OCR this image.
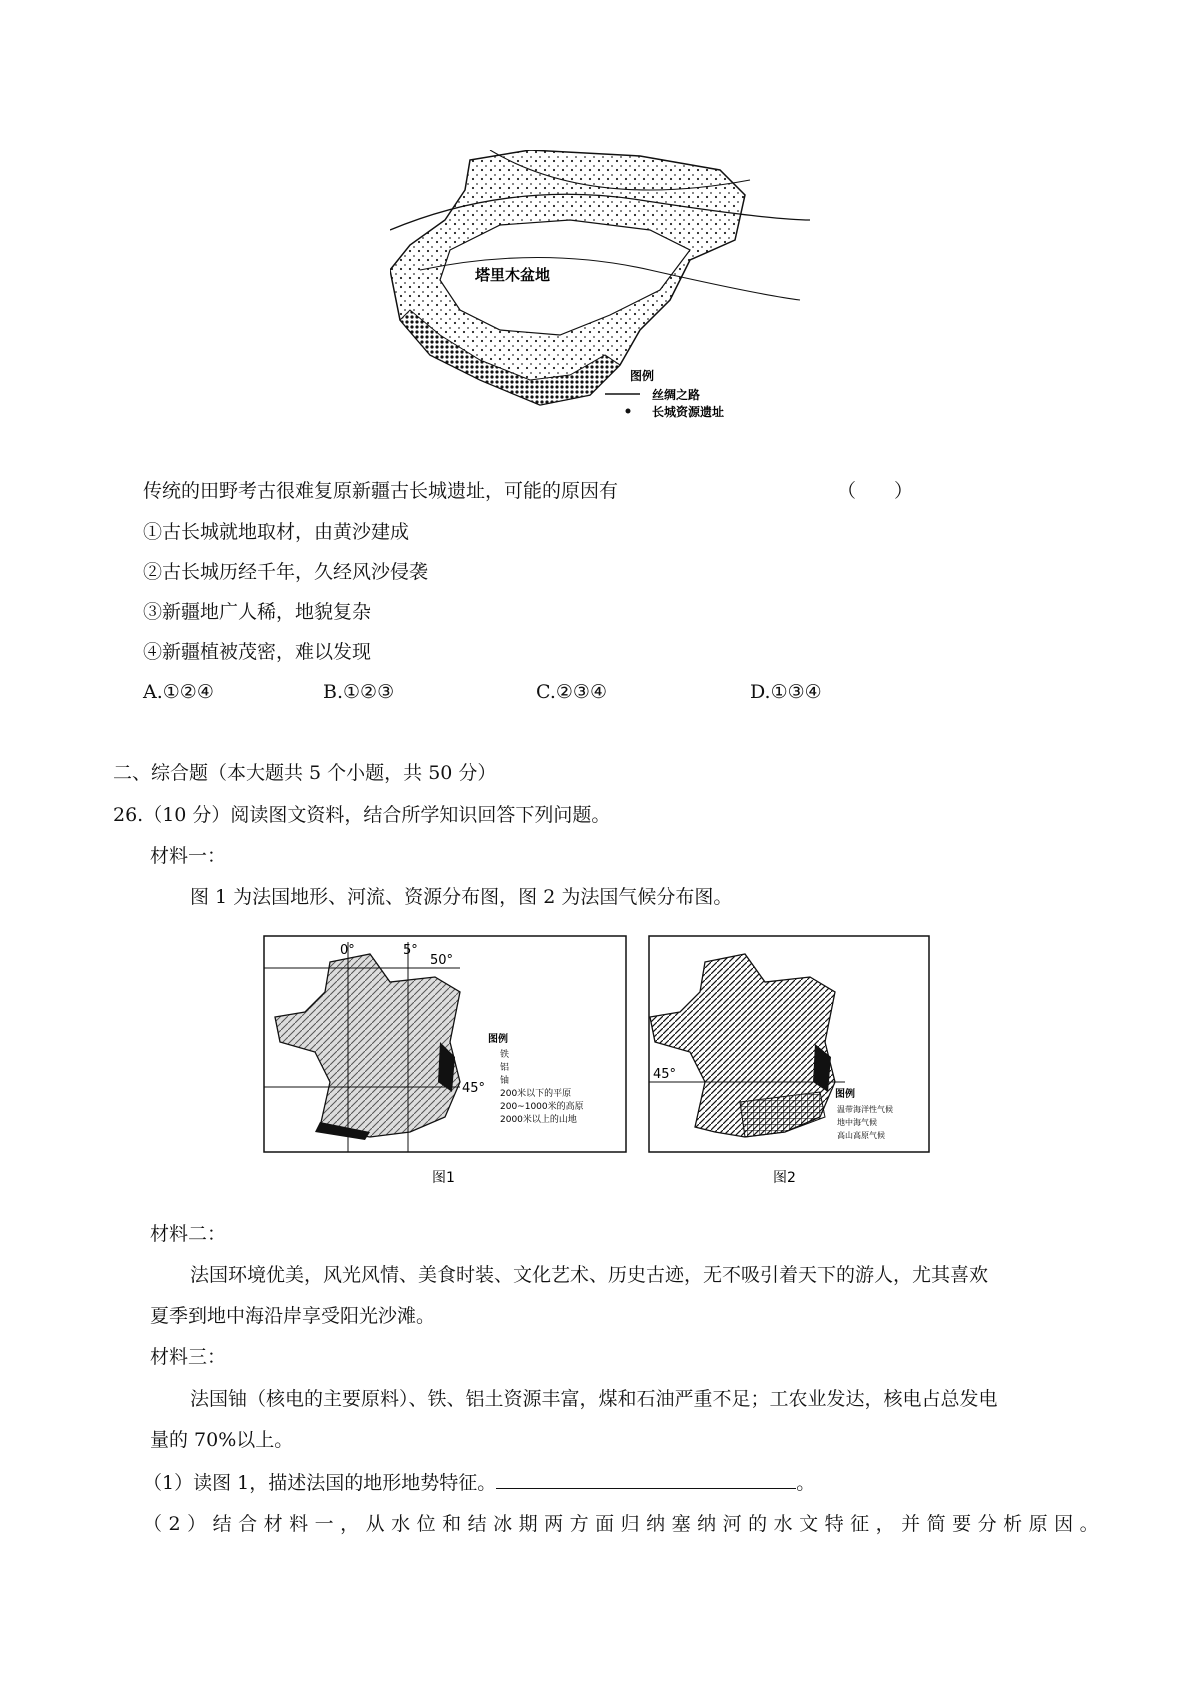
塔里木盆地
图例
丝绸之路
长城资源遗址
传统的田野考古很难复原新疆古长城遗址，可能的原因有	（　　）
①古长城就地取材，由黄沙建成
②古长城历经千年，久经风沙侵袭
③新疆地广人稀，地貌复杂
④新疆植被茂密，难以发现
A.①②④	B.①②③	C.②③④	D.①③④
二、综合题（本大题共 5 个小题，共 50 分）
26.（10 分）阅读图文资料，结合所学知识回答下列问题。
材料一：
图 1 为法国地形、河流、资源分布图，图 2 为法国气候分布图。
0°	5°
50°
45°
图例
铁
铝
铀
200米以下的平原
200~1000米的高原
2000米以上的山地
图1
45°
图例
温带海洋性气候
地中海气候
高山高原气候
图2
材料二：
法国环境优美，风光风情、美食时装、文化艺术、历史古迹，无不吸引着天下的游人，尤其喜欢
夏季到地中海沿岸享受阳光沙滩。
材料三：
法国铀（核电的主要原料）、铁、铝土资源丰富，煤和石油严重不足；工农业发达，核电占总发电
量的 70%以上。
（1）读图 1，描述法国的地形地势特征。	。
（2）结合材料一，从水位和结冰期两方面归纳塞纳河的水文特征，并简要分析原因。
